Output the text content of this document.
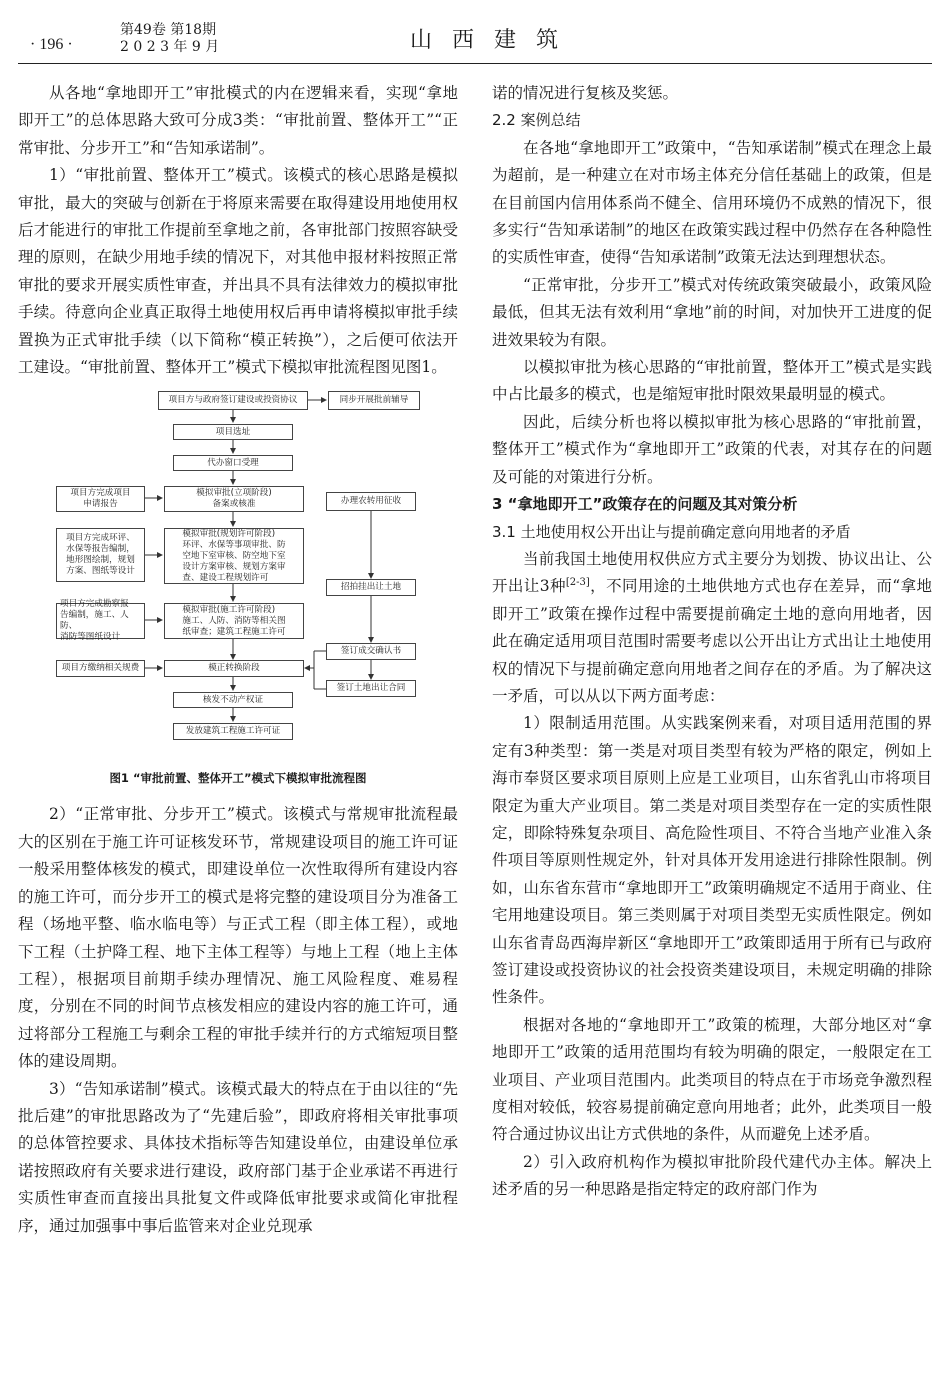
· 196 ·
第49卷 第18期
2 0 2 3 年 9 月	山西建筑

从各地“拿地即开工”审批模式的内在逻辑来看，实现“拿地即开工”的总体思路大致可分成3类：“审批前置、整体开工”“正常审批、分步开工”和“告知承诺制”。

1）“审批前置、整体开工”模式。该模式的核心思路是模拟审批，最大的突破与创新在于将原来需要在取得建设用地使用权后才能进行的审批工作提前至拿地之前，各审批部门按照容缺受理的原则，在缺少用地手续的情况下，对其他申报材料按照正常审批的要求开展实质性审查，并出具不具有法律效力的模拟审批手续。待意向企业真正取得土地使用权后再申请将模拟审批手续置换为正式审批手续（以下简称“模正转换”），之后便可依法开工建设。“审批前置、整体开工”模式下模拟审批流程图见图1。

项目方与政府签订建设或投资协议	同步开展批前辅导
项目选址
代办窗口受理
项目方完成项目
申请报告
模拟审批(立项阶段)
备案或核准	办理农转用征收
项目方完成环评、
水保等报告编制，
地形图绘制，规划
方案、图纸等设计
模拟审批(规划许可阶段)
环评、水保等事项审批、防
空地下室审核、防空地下室
设计方案审核、规划方案审
查、建设工程规划许可
招拍挂出让土地
项目方完成勘察报
告编制，施工、人防、
消防等图纸设计
模拟审批(施工许可阶段)
施工、人防、消防等相关图
纸审查；建筑工程施工许可
签订成交确认书
项目方缴纳相关规费	模正转换阶段
签订土地出让合同
核发不动产权证
发放建筑工程施工许可证
图1 “审批前置、整体开工”模式下模拟审批流程图

2）“正常审批、分步开工”模式。该模式与常规审批流程最大的区别在于施工许可证核发环节，常规建设项目的施工许可证一般采用整体核发的模式，即建设单位一次性取得所有建设内容的施工许可，而分步开工的模式是将完整的建设项目分为准备工程（场地平整、临水临电等）与正式工程（即主体工程），或地下工程（土护降工程、地下主体工程等）与地上工程（地上主体工程），根据项目前期手续办理情况、施工风险程度、难易程度，分别在不同的时间节点核发相应的建设内容的施工许可，通过将部分工程施工与剩余工程的审批手续并行的方式缩短项目整体的建设周期。

3）“告知承诺制”模式。该模式最大的特点在于由以往的“先批后建”的审批思路改为了“先建后验”，即政府将相关审批事项的总体管控要求、具体技术指标等告知建设单位，由建设单位承诺按照政府有关要求进行建设，政府部门基于企业承诺不再进行实质性审查而直接出具批复文件或降低审批要求或简化审批程序，通过加强事中事后监管来对企业兑现承

诺的情况进行复核及奖惩。

2.2 案例总结

在各地“拿地即开工”政策中，“告知承诺制”模式在理念上最为超前，是一种建立在对市场主体充分信任基础上的政策，但是在目前国内信用体系尚不健全、信用环境仍不成熟的情况下，很多实行“告知承诺制”的地区在政策实践过程中仍然存在各种隐性的实质性审查，使得“告知承诺制”政策无法达到理想状态。

“正常审批，分步开工”模式对传统政策突破最小，政策风险最低，但其无法有效利用“拿地”前的时间，对加快开工进度的促进效果较为有限。

以模拟审批为核心思路的“审批前置，整体开工”模式是实践中占比最多的模式，也是缩短审批时限效果最明显的模式。

因此，后续分析也将以模拟审批为核心思路的“审批前置，整体开工”模式作为“拿地即开工”政策的代表，对其存在的问题及可能的对策进行分析。

3 “拿地即开工”政策存在的问题及其对策分析

3.1 土地使用权公开出让与提前确定意向用地者的矛盾

当前我国土地使用权供应方式主要分为划拨、协议出让、公开出让3种[2-3]，不同用途的土地供地方式也存在差异，而“拿地即开工”政策在操作过程中需要提前确定土地的意向用地者，因此在确定适用项目范围时需要考虑以公开出让方式出让土地使用权的情况下与提前确定意向用地者之间存在的矛盾。为了解决这一矛盾，可以从以下两方面考虑：

1）限制适用范围。从实践案例来看，对项目适用范围的界定有3种类型：第一类是对项目类型有较为严格的限定，例如上海市奉贤区要求项目原则上应是工业项目，山东省乳山市将项目限定为重大产业项目。第二类是对项目类型存在一定的实质性限定，即除特殊复杂项目、高危险性项目、不符合当地产业准入条件项目等原则性规定外，针对具体开发用途进行排除性限制。例如，山东省东营市“拿地即开工”政策明确规定不适用于商业、住宅用地建设项目。第三类则属于对项目类型无实质性限定。例如山东省青岛西海岸新区“拿地即开工”政策即适用于所有已与政府签订建设或投资协议的社会投资类建设项目，未规定明确的排除性条件。

根据对各地的“拿地即开工”政策的梳理，大部分地区对“拿地即开工”政策的适用范围均有较为明确的限定，一般限定在工业项目、产业项目范围内。此类项目的特点在于市场竞争激烈程度相对较低，较容易提前确定意向用地者；此外，此类项目一般符合通过协议出让方式供地的条件，从而避免上述矛盾。

2）引入政府机构作为模拟审批阶段代建代办主体。解决上述矛盾的另一种思路是指定特定的政府部门作为
